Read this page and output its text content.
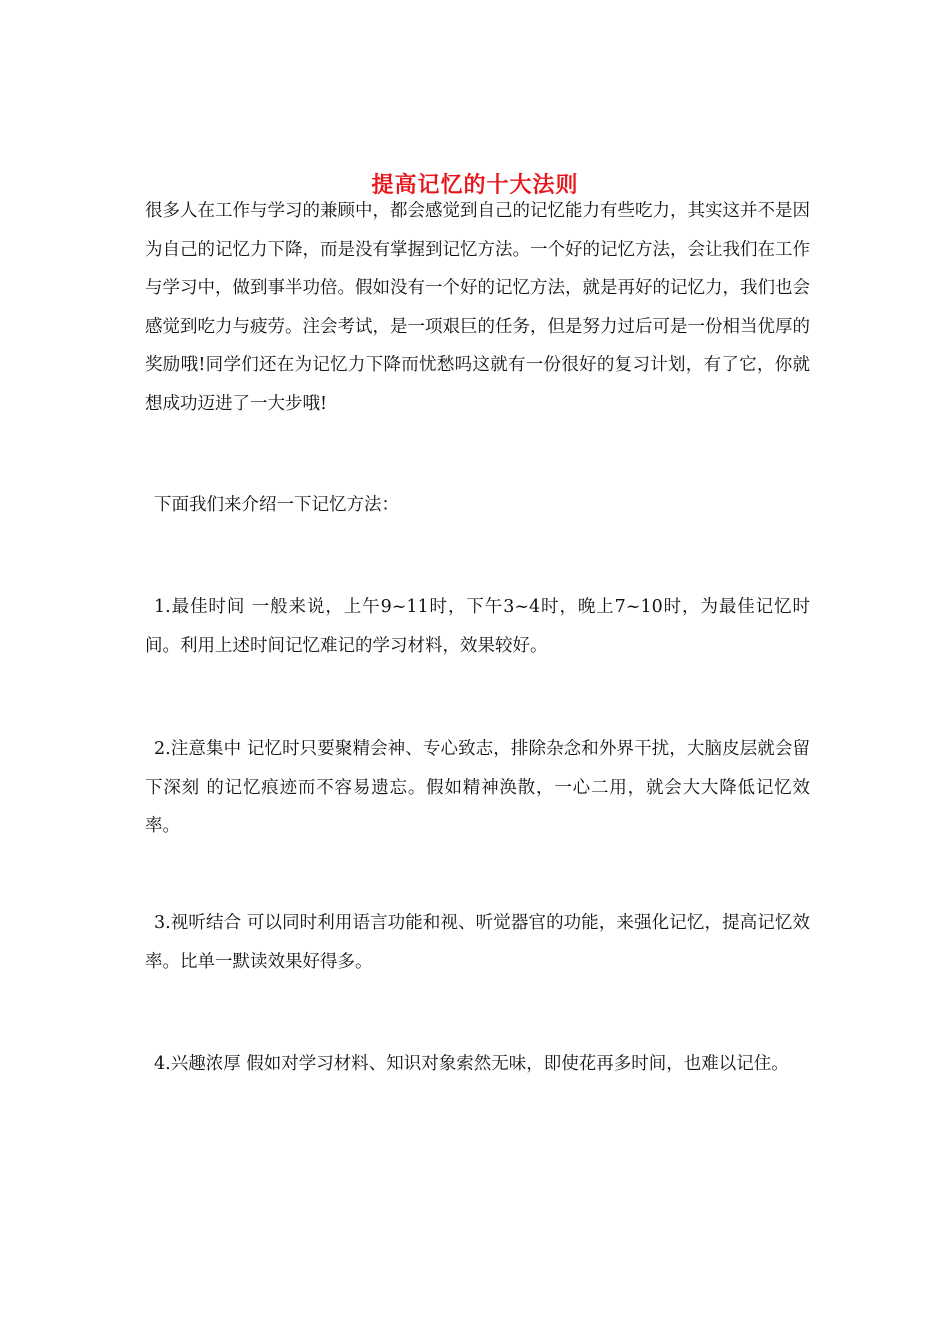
提高记忆的十大法则

很多人在工作与学习的兼顾中，都会感觉到自己的记忆能力有些吃力，其实这并不是因为自己的记忆力下降，而是没有掌握到记忆方法。一个好的记忆方法，会让我们在工作与学习中，做到事半功倍。假如没有一个好的记忆方法，就是再好的记忆力，我们也会感觉到吃力与疲劳。注会考试，是一项艰巨的任务，但是努力过后可是一份相当优厚的奖励哦!同学们还在为记忆力下降而忧愁吗这就有一份很好的复习计划，有了它，你就想成功迈进了一大步哦!

下面我们来介绍一下记忆方法：

1.最佳时间 一般来说，上午9~11时，下午3~4时，晚上7~10时，为最佳记忆时间。利用上述时间记忆难记的学习材料，效果较好。

2.注意集中 记忆时只要聚精会神、专心致志，排除杂念和外界干扰，大脑皮层就会留下深刻 的记忆痕迹而不容易遗忘。假如精神涣散，一心二用，就会大大降低记忆效率。

3.视听结合 可以同时利用语言功能和视、听觉器官的功能，来强化记忆，提高记忆效率。比单一默读效果好得多。

4.兴趣浓厚 假如对学习材料、知识对象索然无味，即使花再多时间，也难以记住。
